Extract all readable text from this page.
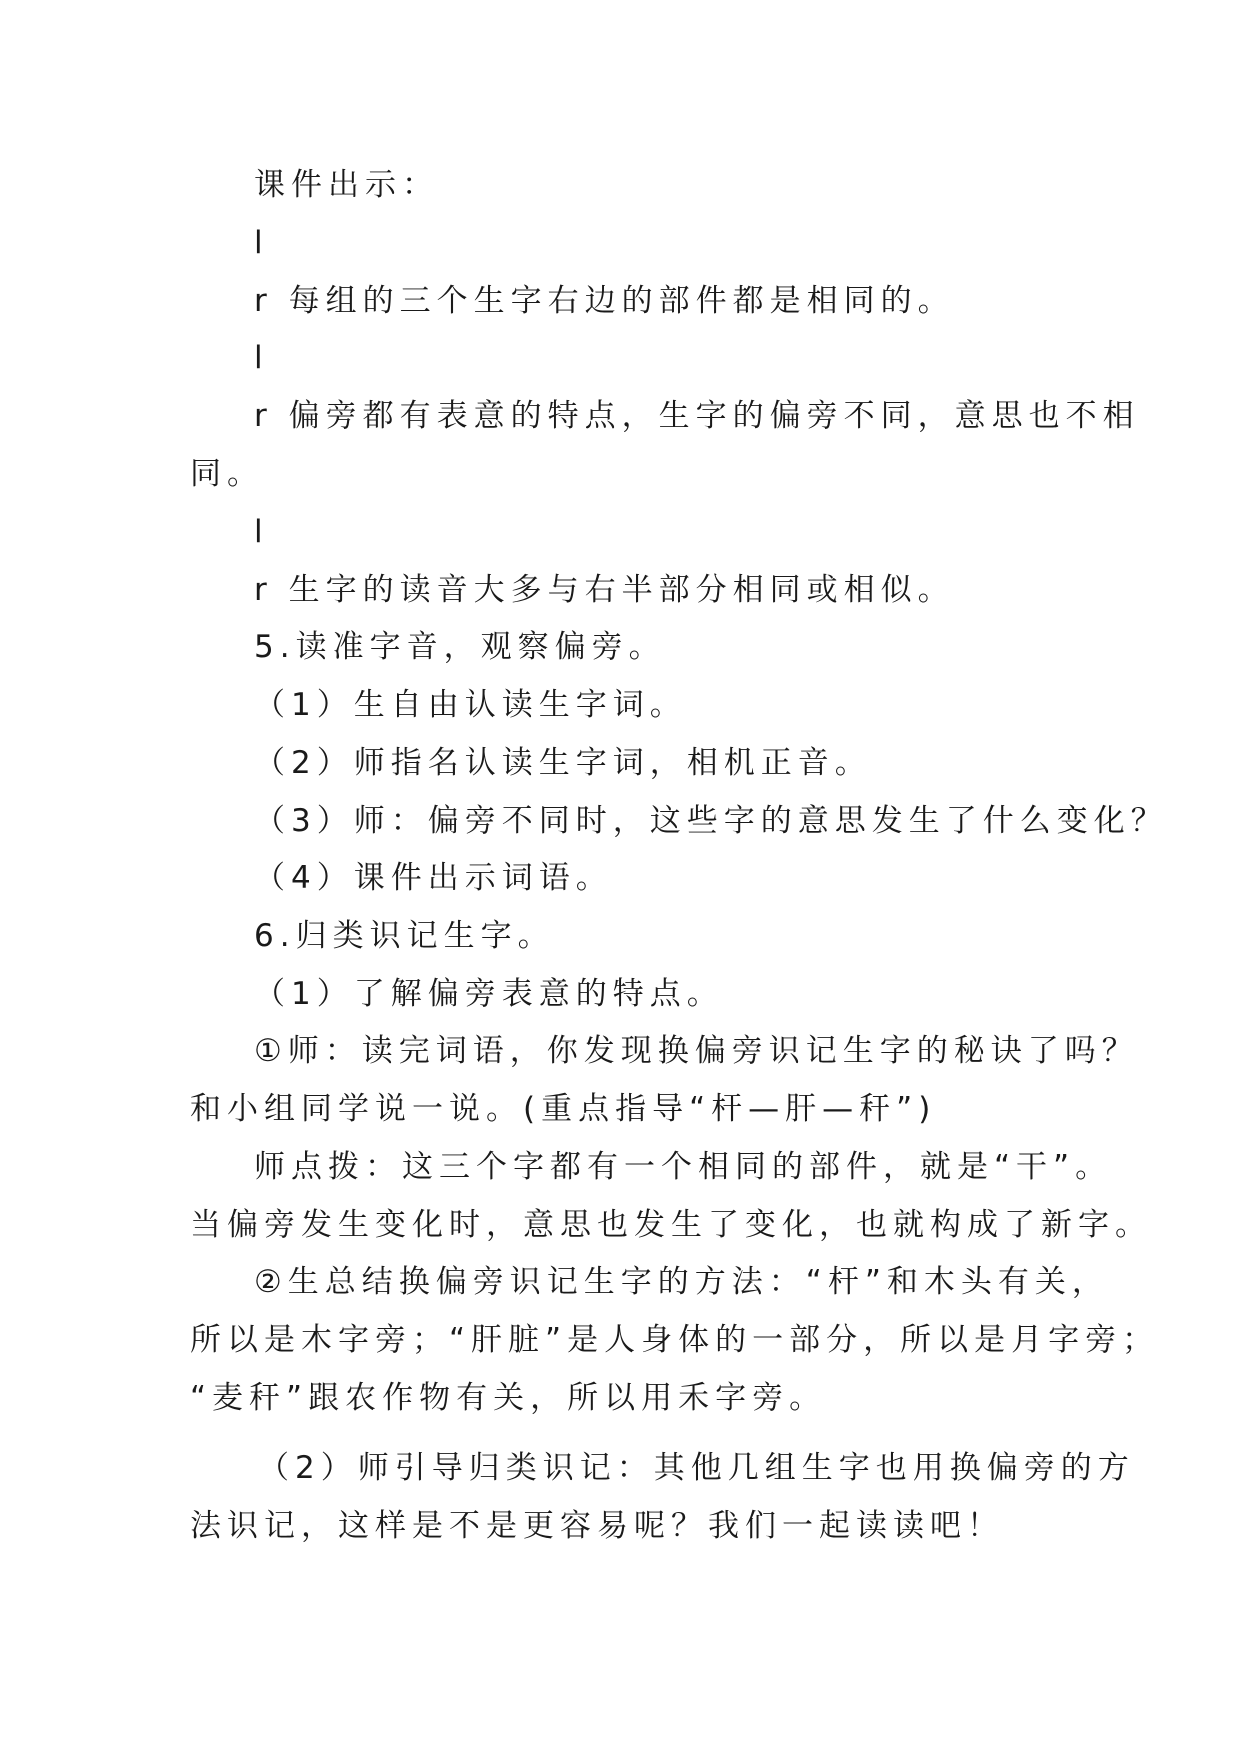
课件出示：
l
r 每组的三个生字右边的部件都是相同的。
l
r 偏旁都有表意的特点，生字的偏旁不同，意思也不相
同。
l
r 生字的读音大多与右半部分相同或相似。
5.读准字音，观察偏旁。
（1）生自由认读生字词。
（2）师指名认读生字词，相机正音。
（3）师：偏旁不同时，这些字的意思发生了什么变化？
（4）课件出示词语。
6.归类识记生字。
（1）了解偏旁表意的特点。
①师：读完词语，你发现换偏旁识记生字的秘诀了吗？
和小组同学说一说。(重点指导“杆—肝—秆”)
师点拨：这三个字都有一个相同的部件，就是“干”。
当偏旁发生变化时，意思也发生了变化，也就构成了新字。
②生总结换偏旁识记生字的方法：“杆”和木头有关，
所以是木字旁；“肝脏”是人身体的一部分，所以是月字旁；
“麦秆”跟农作物有关，所以用禾字旁。
（2）师引导归类识记：其他几组生字也用换偏旁的方
法识记，这样是不是更容易呢？我们一起读读吧！
